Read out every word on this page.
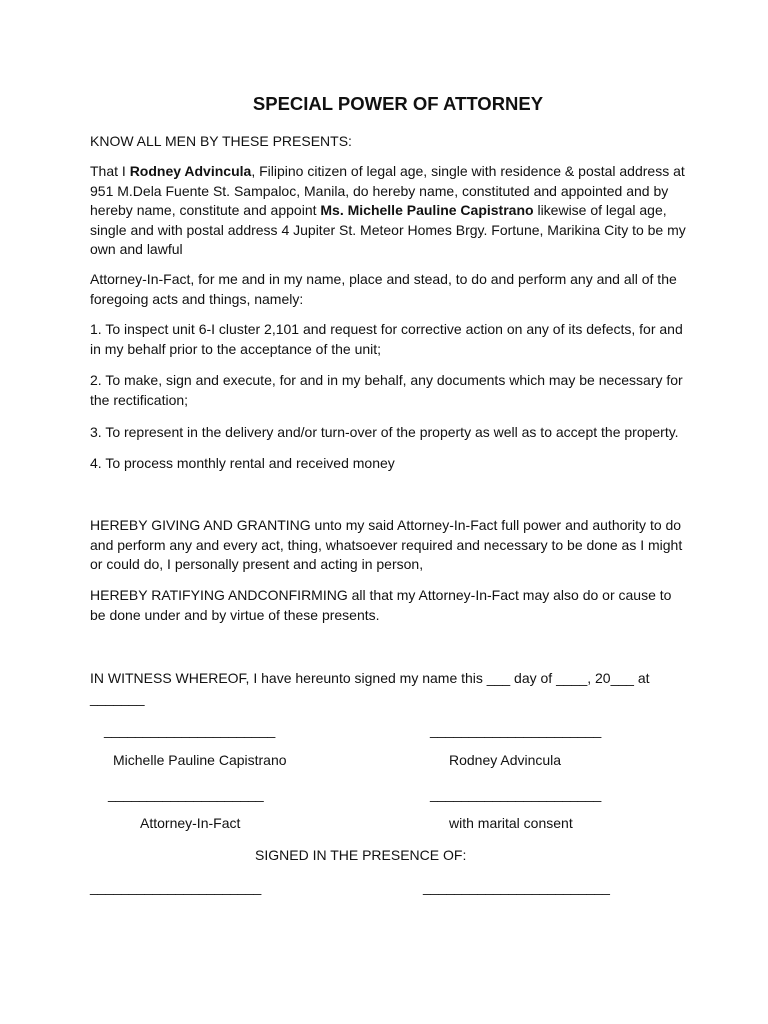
SPECIAL POWER OF ATTORNEY
KNOW ALL MEN BY THESE PRESENTS:
That I Rodney Advincula, Filipino citizen of legal age, single with residence & postal address at 951 M.Dela Fuente St. Sampaloc, Manila, do hereby name, constituted and appointed and by hereby name, constitute and appoint Ms. Michelle Pauline Capistrano likewise of legal age, single and with postal address 4 Jupiter St. Meteor Homes Brgy. Fortune, Marikina City to be my own and lawful
Attorney-In-Fact, for me and in my name, place and stead, to do and perform any and all of the foregoing acts and things, namely:
1. To inspect unit 6-I cluster 2,101 and request for corrective action on any of its defects, for and in my behalf prior to the acceptance of the unit;
2. To make, sign and execute, for and in my behalf, any documents which may be necessary for the rectification;
3. To represent in the delivery and/or turn-over of the property as well as to accept the property.
4. To process monthly rental and received money
HEREBY GIVING AND GRANTING unto my said Attorney-In-Fact full power and authority to do and perform any and every act, thing, whatsoever required and necessary to be done as I might or could do, I personally present and acting in person,
HEREBY RATIFYING ANDCONFIRMING all that my Attorney-In-Fact may also do or cause to be done under and by virtue of these presents.
IN WITNESS WHEREOF, I have hereunto signed my name this ___ day of ____, 20___ at
_______
______________________	______________________
Michelle Pauline Capistrano	Rodney Advincula
____________________	______________________
Attorney-In-Fact	with marital consent
SIGNED IN THE PRESENCE OF:
______________________	________________________
